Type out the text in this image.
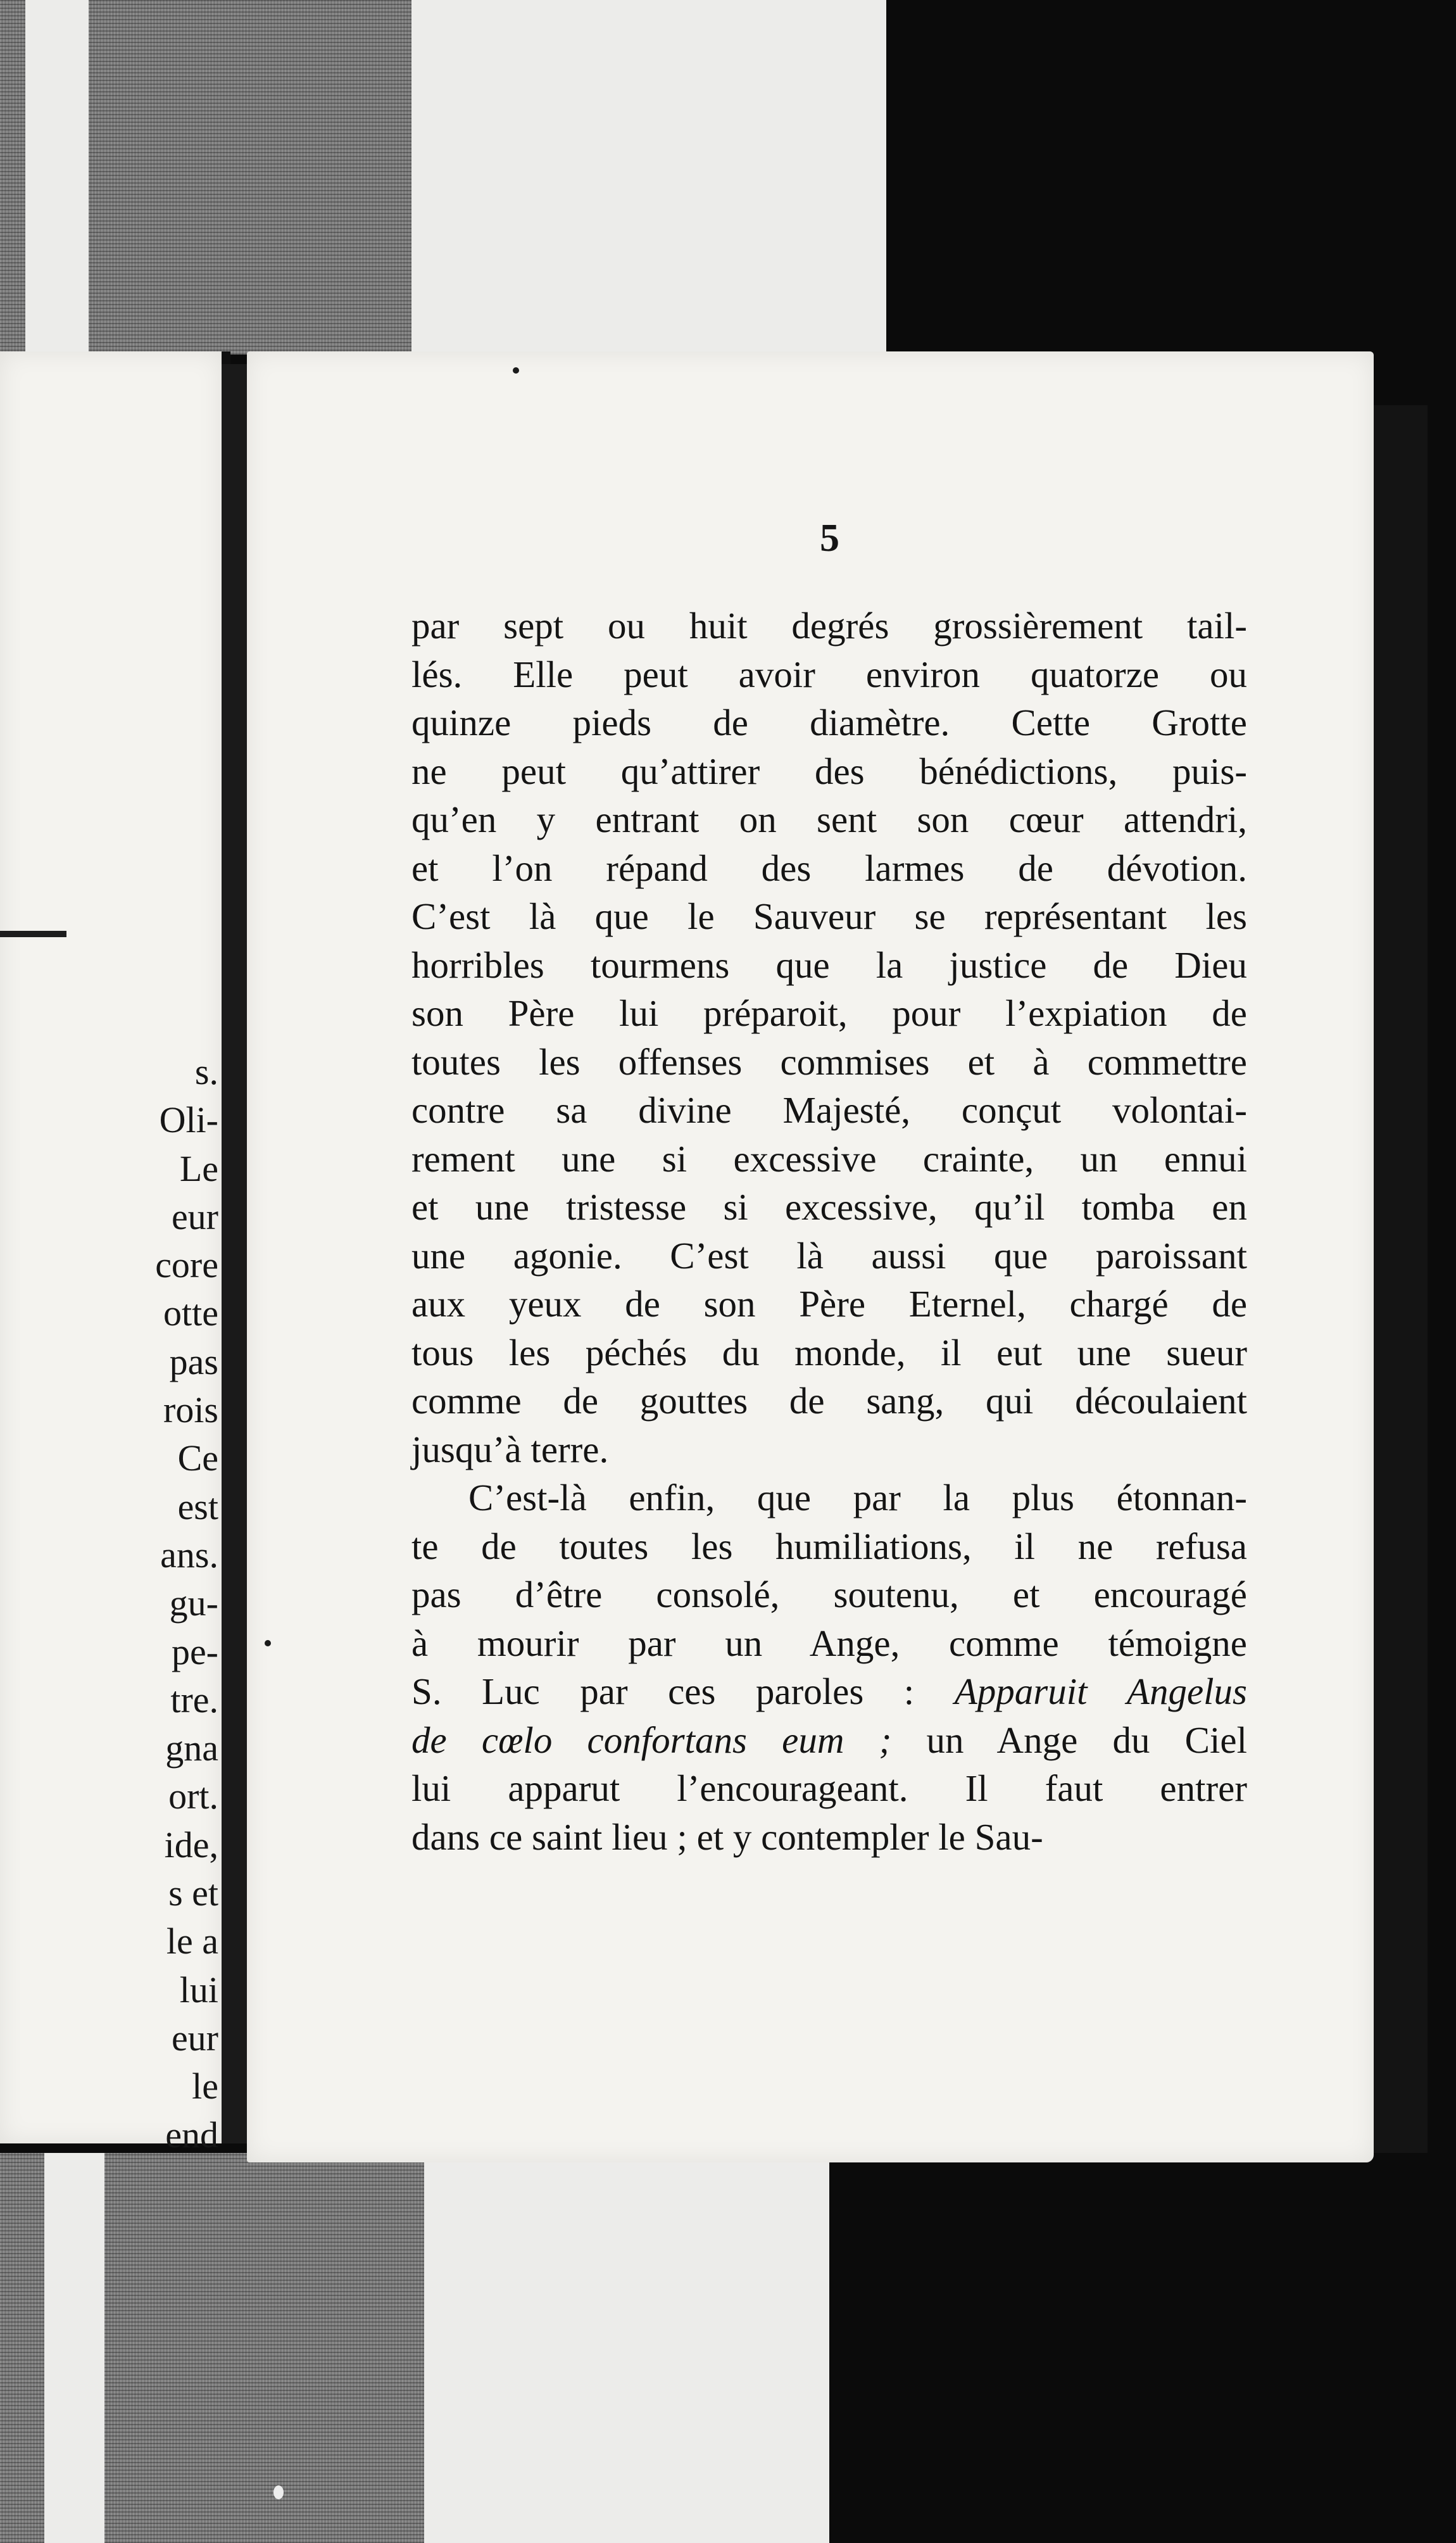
s.
Oli-
Le
eur
core
otte
pas
rois
Ce
est
ans.
gu-
pe-
tre.
gna
ort.
ide,
s et
le a
lui
eur
le
end
5
par sept ou huit degrés grossièrement tail-
lés. Elle peut avoir environ quatorze ou
quinze pieds de diamètre. Cette Grotte
ne peut qu’attirer des bénédictions, puis-
qu’en y entrant on sent son cœur attendri,
et l’on répand des larmes de dévotion.
C’est là que le Sauveur se représentant les
horribles tourmens que la justice de Dieu
son Père lui préparoit, pour l’expiation de
toutes les offenses commises et à commettre
contre sa divine Majesté, conçut volontai-
rement une si excessive crainte, un ennui
et une tristesse si excessive, qu’il tomba en
une agonie. C’est là aussi que paroissant
aux yeux de son Père Eternel, chargé de
tous les péchés du monde, il eut une sueur
comme de gouttes de sang, qui découlaient
jusqu’à terre.
C’est-là enfin, que par la plus étonnan-
te de toutes les humiliations, il ne refusa
pas d’être consolé, soutenu, et encouragé
à mourir par un Ange, comme témoigne
S. Luc par ces paroles : Apparuit Angelus
de cœlo confortans eum ; un Ange du Ciel
lui apparut l’encourageant. Il faut entrer
dans ce saint lieu ; et y contempler le Sau-
